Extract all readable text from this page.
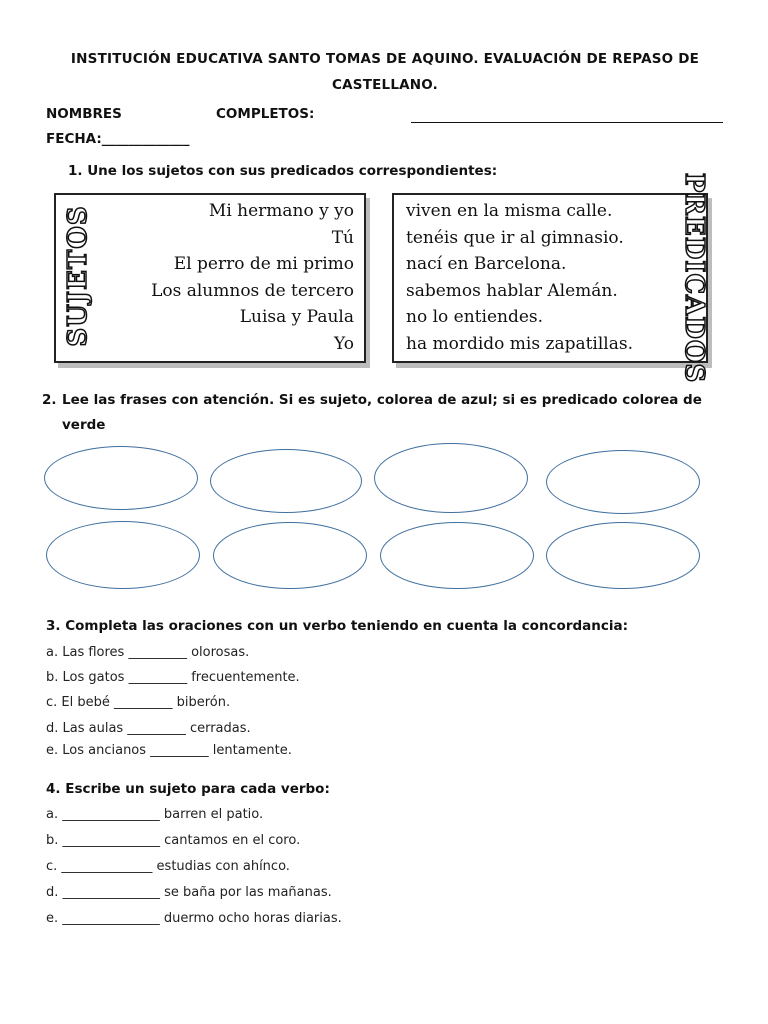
INSTITUCIÓN EDUCATIVA SANTO TOMAS DE AQUINO. EVALUACIÓN DE REPASO DE
CASTELLANO.
NOMBRES	COMPLETOS:
FECHA:_____________
1. Une los sujetos con sus predicados correspondientes:
SUJETOS	PREDICADOS
Mi hermano y yo
Tú
El perro de mi primo
Los alumnos de tercero
Luisa y Paula
Yo
viven en la misma calle.
tenéis que ir al gimnasio.
nací en Barcelona.
sabemos hablar Alemán.
no lo entiendes.
ha mordido mis zapatillas.
2. Lee las frases con atención. Si es sujeto, colorea de azul; si es predicado colorea de
verde
3. Completa las oraciones con un verbo teniendo en cuenta la concordancia:
a. Las flores _________ olorosas.
b. Los gatos _________ frecuentemente.
c. El bebé _________ biberón.
d. Las aulas _________ cerradas.
e. Los ancianos _________ lentamente.
4. Escribe un sujeto para cada verbo:
a. _______________ barren el patio.
b. _______________ cantamos en el coro.
c. ______________ estudias con ahínco.
d. _______________ se baña por las mañanas.
e. _______________ duermo ocho horas diarias.
